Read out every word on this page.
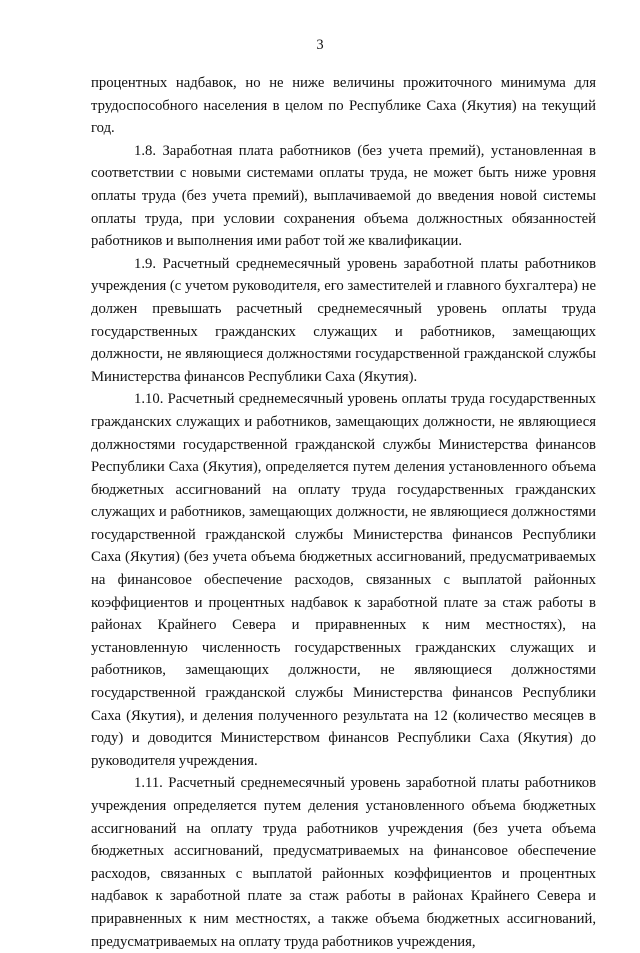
3

процентных надбавок, но не ниже величины прожиточного минимума для трудоспособного населения в целом по Республике Саха (Якутия) на текущий год.

1.8. Заработная плата работников (без учета премий), установленная в соответствии с новыми системами оплаты труда, не может быть ниже уровня оплаты труда (без учета премий), выплачиваемой до введения новой системы оплаты труда, при условии сохранения объема должностных обязанностей работников и выполнения ими работ той же квалификации.

1.9. Расчетный среднемесячный уровень заработной платы работников учреждения (с учетом руководителя, его заместителей и главного бухгалтера) не должен превышать расчетный среднемесячный уровень оплаты труда государственных гражданских служащих и работников, замещающих должности, не являющиеся должностями государственной гражданской службы Министерства финансов Республики Саха (Якутия).

1.10. Расчетный среднемесячный уровень оплаты труда государственных гражданских служащих и работников, замещающих должности, не являющиеся должностями государственной гражданской службы Министерства финансов Республики Саха (Якутия), определяется путем деления установленного объема бюджетных ассигнований на оплату труда государственных гражданских служащих и работников, замещающих должности, не являющиеся должностями государственной гражданской службы Министерства финансов Республики Саха (Якутия) (без учета объема бюджетных ассигнований, предусматриваемых на финансовое обеспечение расходов, связанных с выплатой районных коэффициентов и процентных надбавок к заработной плате за стаж работы в районах Крайнего Севера и приравненных к ним местностях), на установленную численность государственных гражданских служащих и работников, замещающих должности, не являющиеся должностями государственной гражданской службы Министерства финансов Республики Саха (Якутия), и деления полученного результата на 12 (количество месяцев в году) и доводится Министерством финансов Республики Саха (Якутия) до руководителя учреждения.

1.11. Расчетный среднемесячный уровень заработной платы работников учреждения определяется путем деления установленного объема бюджетных ассигнований на оплату труда работников учреждения (без учета объема бюджетных ассигнований, предусматриваемых на финансовое обеспечение расходов, связанных с выплатой районных коэффициентов и процентных надбавок к заработной плате за стаж работы в районах Крайнего Севера и приравненных к ним местностях, а также объема бюджетных ассигнований, предусматриваемых на оплату труда работников учреждения,
